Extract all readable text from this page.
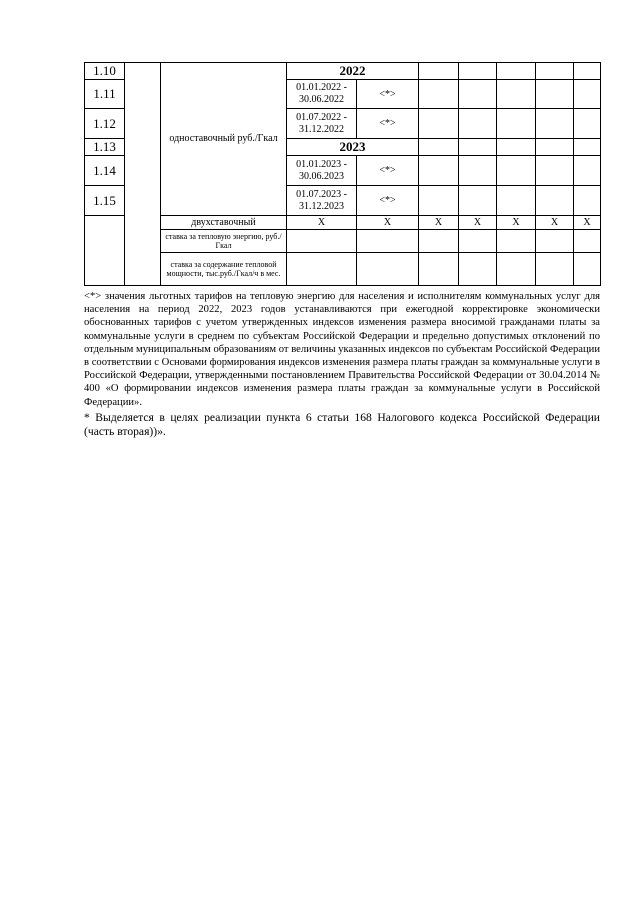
1.10		одноставочный руб./Гкал	2022						
1.11			01.01.2022 - 30.06.2022	<*>					
1.12			01.07.2022 - 31.12.2022	<*>					
1.13			2023						
1.14			01.01.2023 - 30.06.2023	<*>					
1.15			01.07.2023 - 31.12.2023	<*>					
		двухставочный	X	X	X	X	X	X	X
		ставка за тепловую энергию, руб./Гкал							
		ставка за содержание тепловой мощности, тыс.руб./Гкал/ч в мес.							

<*> значения льготных тарифов на тепловую энергию для населения и исполнителям коммунальных услуг для населения на период 2022, 2023 годов устанавливаются при ежегодной корректировке экономически обоснованных тарифов с учетом утвержденных индексов изменения размера вносимой гражданами платы за коммунальные услуги в среднем по субъектам Российской Федерации и предельно допустимых отклонений по отдельным муниципальным образованиям от величины указанных индексов по субъектам Российской Федерации в соответствии с Основами формирования индексов изменения размера платы граждан за коммунальные услуги в Российской Федерации, утвержденными постановлением Правительства Российской Федерации от 30.04.2014 № 400 «О формировании индексов изменения размера платы граждан за коммунальные услуги в Российской Федерации».

* Выделяется в целях реализации пункта 6 статьи 168 Налогового кодекса Российской Федерации (часть вторая))».
